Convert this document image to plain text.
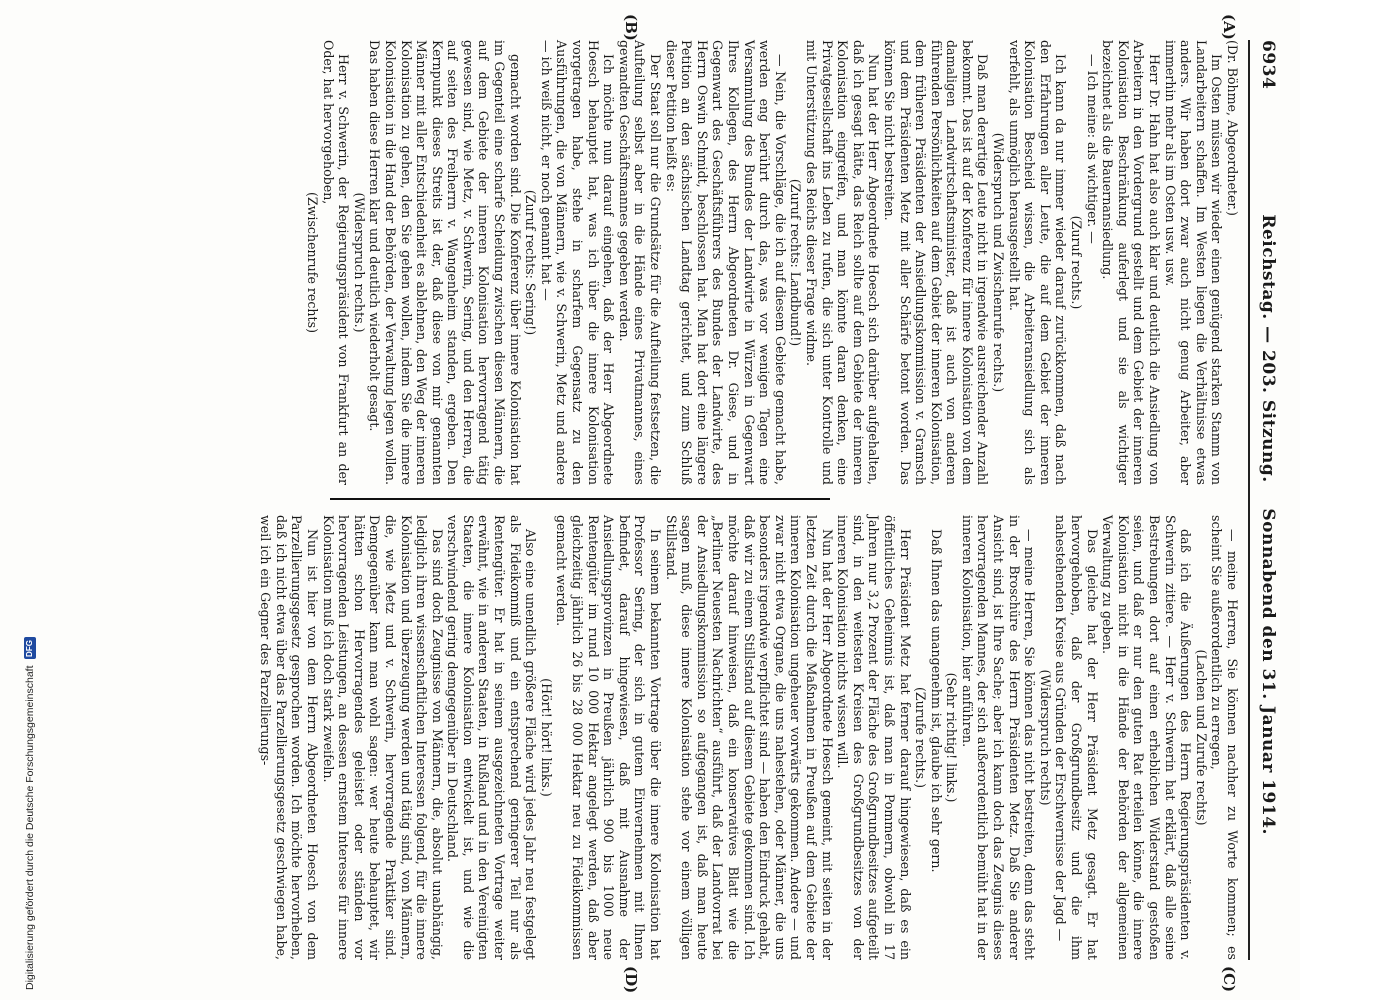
6934
Reichstag. — 203. Sitzung.    Sonnabend den 31. Januar 1914.
(A)
(B)
(C)
(D)

(Dr. Böhme, Abgeordneter.)

Im Osten müssen wir wieder einen genügend starken Stamm von Landarbeitern schaffen. Im Westen liegen die Verhältnisse etwas anders. Wir haben dort zwar auch nicht genug Arbeiter, aber immerhin mehr als im Osten usw. usw.

Herr Dr. Hahn hat also auch klar und deutlich die Ansiedlung von Arbeitern in den Vordergrund gestellt und dem Gebiet der inneren Kolonisation Beschränkung auferlegt und sie als wichtiger bezeichnet als die Bauernansiedlung.

— Ich meine: als wichtiger. —

(Zuruf rechts.)

Ich kann da nur immer wieder darauf zurückkommen, daß nach den Erfahrungen aller Leute, die auf dem Gebiet der inneren Kolonisation Bescheid wissen, die Arbeiteransiedlung sich als verfehlt, als unmöglich herausgestellt hat.

(Widerspruch und Zwischenrufe rechts.)

Daß man derartige Leute nicht in irgendwie ausreichender Anzahl bekommt. Das ist auf der Konferenz für innere Kolonisation von dem damaligen Landwirtschaftsminister, daß ist auch von anderen führenden Persönlichkeiten auf dem Gebiet der inneren Kolonisation, dem früheren Präsidenten der Ansiedlungskommission v. Gramsch und dem Präsidenten Metz mit aller Schärfe betont worden. Das können Sie nicht bestreiten.

Nun hat der Herr Abgeordnete Hoesch sich darüber aufgehalten, daß ich gesagt hätte, das Reich sollte auf dem Gebiete der inneren Kolonisation eingreifen, und man könnte daran denken, eine Privatgesellschaft ins Leben zu rufen, die sich unter Kontrolle und mit Unterstützung des Reichs dieser Frage widme.

(Zuruf rechts: Landbund!)

— Nein, die Vorschläge, die ich auf diesem Gebiete gemacht habe, werden eng berührt durch das, was vor wenigen Tagen eine Versammlung des Bundes der Landwirte in Würzen in Gegenwart Ihres Kollegen, des Herrn Abgeordneten Dr. Giese, und in Gegenwart des Geschäftsführers des Bundes der Landwirte, des Herrn Oswin Schmidt, beschlossen hat. Man hat dort eine längere Petition an den sächsischen Landtag gerichtet, und zum Schluß dieser Petition heißt es:

Der Staat soll nur die Grundsätze für die Aufteilung festsetzen, die Aufteilung selbst aber in die Hände eines Privatmannes, eines gewandten Geschäftsmannes gegeben werden.

Ich möchte nun darauf eingehen, daß der Herr Abgeordnete Hoesch behauptet hat, was ich über die innere Kolonisation vorgetragen habe, stehe in scharfem Gegensatz zu den Ausführungen, die von Männern, wie v. Schwerin, Metz und andere — ich weiß nicht, er noch genannt hat —

(Zuruf rechts: Sering!)

gemacht worden sind. Die Konferenz über innere Kolonisation hat im Gegenteil eine scharfe Scheidung zwischen diesen Männern, die auf dem Gebiete der inneren Kolonisation hervorragend tätig gewesen sind, wie Metz, v. Schwerin, Sering, und den Herren, die auf seiten des Freiherrn v. Wangenheim standen, ergeben. Den Kernpunkt dieses Streits ist der, daß diese von mir genannten Männer mit aller Entschiedenheit es ablehnen, den Weg der inneren Kolonisation zu gehen, den Sie gehen wollen, indem Sie die innere Kolonisation in die Hand der Behörden, der Verwaltung legen wollen. Das haben diese Herren klar und deutlich wiederholt gesagt.

(Widerspruch rechts.)

Herr v. Schwerin, der Regierungspräsident von Frankfurt an der Oder, hat hervorgehoben,

(Zwischenrufe rechts)

— meine Herren, Sie können nachher zu Worte kommen; es scheint Sie außerordentlich zu erregen,

(Lachen und Zurufe rechts)

daß ich die Äußerungen des Herrn Regierungspräsidenten v. Schwerin zitiere. — Herr v. Schwerin hat erklärt, daß alle seine Bestrebungen dort auf einen erheblichen Widerstand gestoßen seien, und daß er nur den guten Rat erteilen könne, die innere Kolonisation nicht in die Hände der Behörden der allgemeinen Verwaltung zu geben.

Das gleiche hat der Herr Präsident Metz gesagt. Er hat hervorgehoben, daß der Großgrundbesitz und die ihm nahestehenden Kreise aus Gründen der Erschwernisse der Jagd —

(Widerspruch rechts)

— meine Herren, Sie können das nicht bestreiten, denn das steht in der Broschüre des Herrn Präsidenten Metz. Daß Sie anderer Ansicht sind, ist Ihre Sache; aber ich kann doch das Zeugnis dieses hervorragenden Mannes, der sich außerordentlich bemüht hat in der inneren Kolonisation, hier anführen.

(Sehr richtig! links.)

Daß Ihnen das unangenehm ist, glaube ich sehr gern.

(Zurufe rechts.)

Herr Präsident Metz hat ferner darauf hingewiesen, daß es ein öffentliches Geheimnis ist, daß man in Pommern, obwohl in 17 Jahren nur 3,2 Prozent der Fläche des Großgrundbesitzes aufgeteilt sind, in den weitesten Kreisen des Großgrundbesitzes von der inneren Kolonisation nichts wissen will.

Nun hat der Herr Abgeordnete Hoesch gemeint, mit seiten in der letzten Zeit durch die Maßnahmen in Preußen auf dem Gebiete der inneren Kolonisation ungeheuer vorwärts gekommen. Andere — und zwar nicht etwa Organe, die uns nahestehen, oder Männer, die uns besonders irgendwie verpflichtet sind — haben den Eindruck gehabt, daß wir zu einem Stillstand auf diesem Gebiete gekommen sind. Ich möchte darauf hinweisen, daß ein konservatives Blatt wie die „Berliner Neuesten Nachrichten“ ausführt, daß der Landvorrat bei der Ansiedlungskommission so aufgegangen ist, daß man heute sagen muß, diese innere Kolonisation stehe vor einem völligen Stillstand.

In seinem bekannten Vortrage über die innere Kolonisation hat Professor Sering, der sich in gutem Einvernehmen mit Ihnen befindet, darauf hingewiesen, daß mit Ausnahme der Ansiedlungsprovinzen in Preußen jährlich 900 bis 1000 neue Rentengüter im rund 10 000 Hektar angelegt werden, daß aber gleichzeitig jährlich 26 bis 28 000 Hektar neu zu Fideikommissen gemacht werden.

(Hört! hört! links.)

Also eine unendlich größere Fläche wird jedes Jahr neu festgelegt als Fideikommiß und ein entsprechend geringerer Teil nur als Rentengüter. Er hat in seinem ausgezeichneten Vortrage weiter erwähnt, wie in anderen Staaten, in Rußland und in den Vereinigten Staaten, die innere Kolonisation entwickelt ist, und wie die verschwindend gering demgegenüber in Deutschland.

Das sind doch Zeugnisse von Männern, die, absolut unabhängig, lediglich ihren wissenschaftlichen Interessen folgend, für die innere Kolonisation und überzeugung werden und tätig sind, von Männern, die, wie Metz und v. Schwerin, hervorragende Praktiker sind. Demgegenüber kann man wohl sagen: wer heute behauptet, wir hätten schon Hervorragendes geleistet oder ständen vor hervorragenden Leistungen, an dessen ernstem Interesse für innere Kolonisation muß ich doch stark zweifeln.

Nun ist hier von dem Herrn Abgeordneten Hoesch von dem Parzellierungsgesetz gesprochen worden. Ich möchte hervorheben, daß ich nicht etwa über das Parzellierungsgesetz geschwiegen habe, weil ich ein Gegner des Parzellierungs-

Digitalisierung gefördert durch die Deutsche Forschungsgemeinschaft
DFG
